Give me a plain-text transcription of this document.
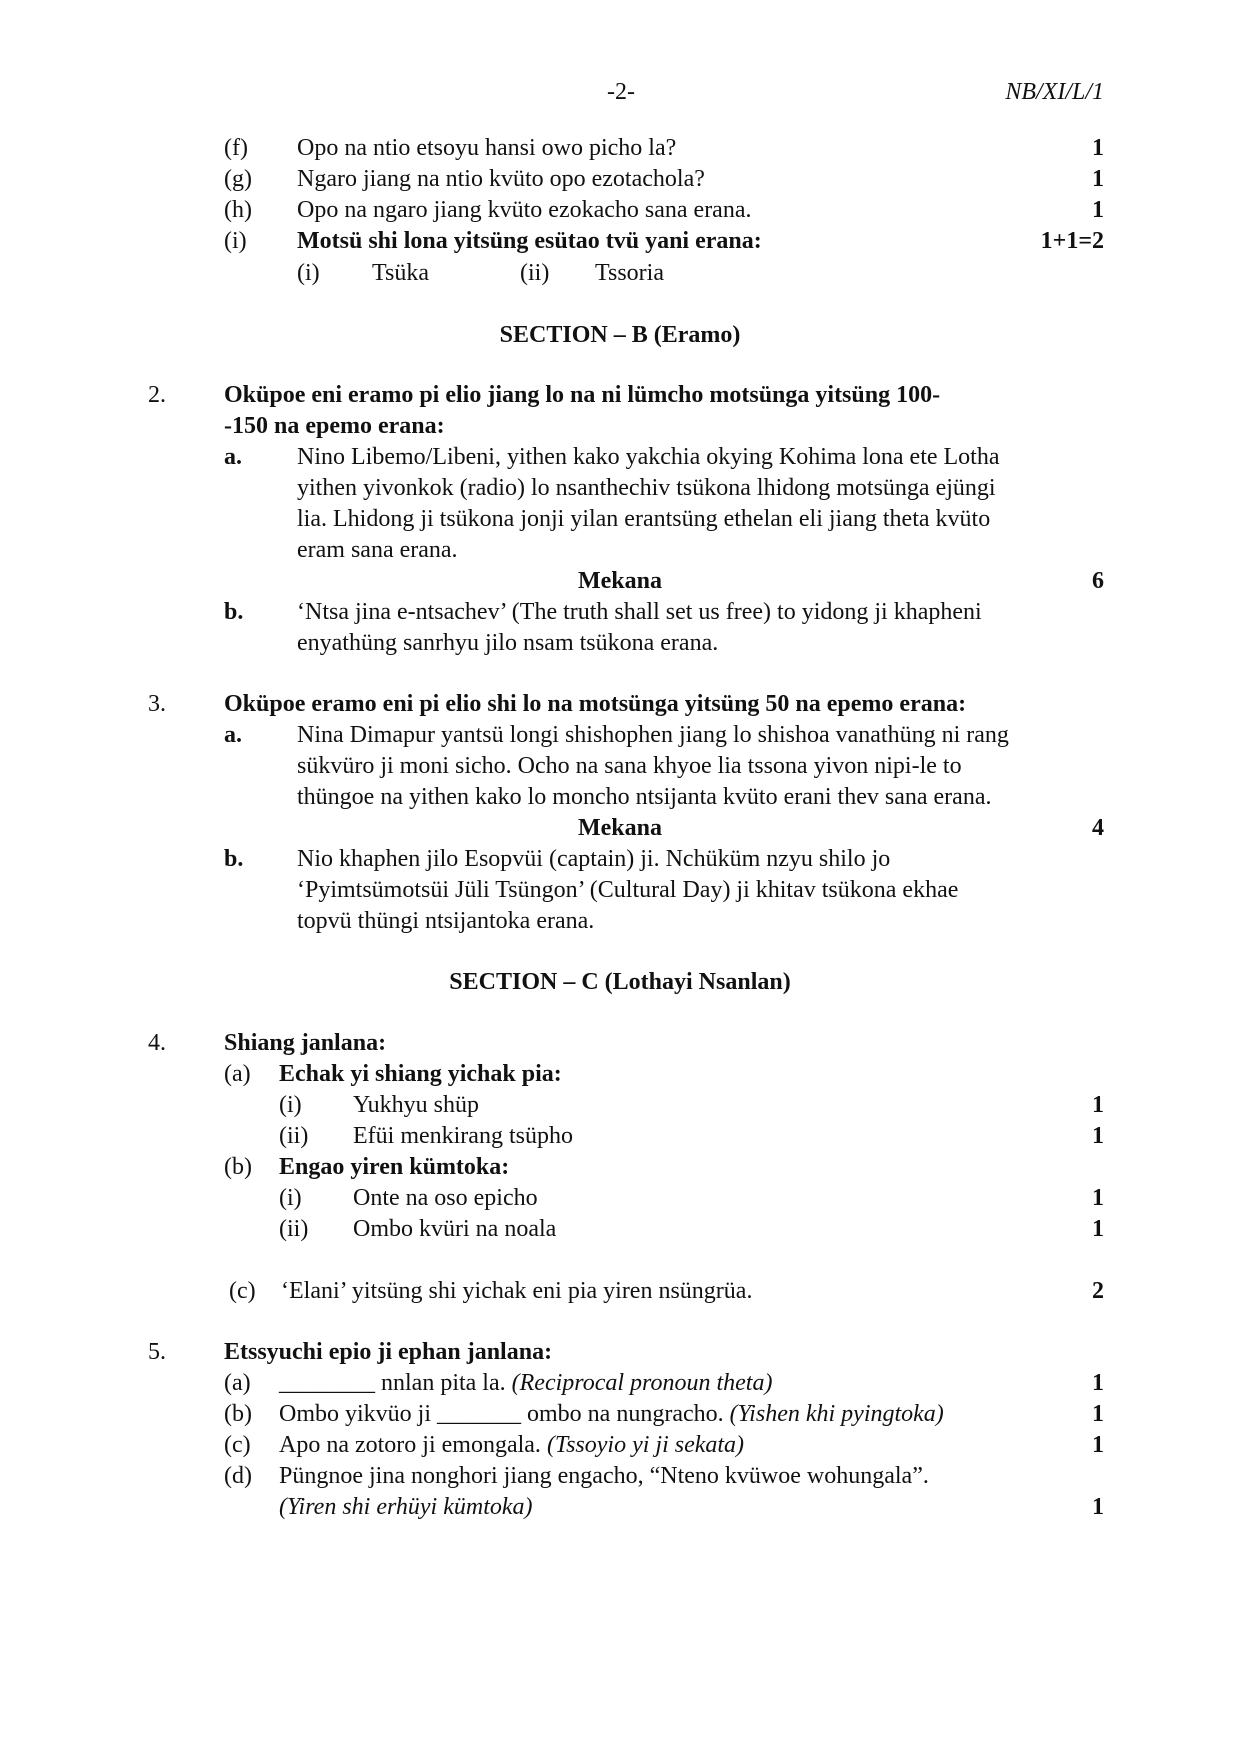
-2-	NB/XI/L/1
(f) Opo na ntio etsoyu hansi owo picho la?	1
(g) Ngaro jiang na ntio kvüto opo ezotachola?	1
(h) Opo na ngaro jiang kvüto ezokacho sana erana.	1
(i) Motsü shi lona yitsüng esütao tvü yani erana:	1+1=2
(i) Tsüka	(ii) Tssoria
SECTION – B (Eramo)
2. Oküpoe eni eramo pi elio jiang lo na ni lümcho motsünga yitsüng 100-
-150 na epemo erana:
a. Nino Libemo/Libeni, yithen kako yakchia okying Kohima lona ete Lotha
yithen yivonkok (radio) lo nsanthechiv tsükona lhidong motsünga ejüngi
lia. Lhidong ji tsükona jonji yilan erantsüng ethelan eli jiang theta kvüto
eram sana erana.
Mekana	6
b. ‘Ntsa jina e-ntsachev’ (The truth shall set us free) to yidong ji khapheni
enyathüng sanrhyu jilo nsam tsükona erana.
3. Oküpoe eramo eni pi elio shi lo na motsünga yitsüng 50 na epemo erana:
a. Nina Dimapur yantsü longi shishophen jiang lo shishoa vanathüng ni rang
sükvüro ji moni sicho. Ocho na sana khyoe lia tssona yivon nipi-le to
thüngoe na yithen kako lo moncho ntsijanta kvüto erani thev sana erana.
Mekana	4
b. Nio khaphen jilo Esopvüi (captain) ji. Nchüküm nzyu shilo jo
‘Pyimtsümotsüi Jüli Tsüngon’ (Cultural Day) ji khitav tsükona ekhae
topvü thüngi ntsijantoka erana.
SECTION – C (Lothayi Nsanlan)
4. Shiang janlana:
(a) Echak yi shiang yichak pia:
(i) Yukhyu shüp	1
(ii) Efüi menkirang tsüpho	1
(b) Engao yiren kümtoka:
(i) Onte na oso epicho	1
(ii) Ombo kvüri na noala	1
(c) ‘Elani’ yitsüng shi yichak eni pia yiren nsüngrüa.	2
5. Etssyuchi epio ji ephan janlana:
(a) ________ nnlan pita la. (Reciprocal pronoun theta)	1
(b) Ombo yikvüo ji _______ ombo na nungracho. (Yishen khi pyingtoka)	1
(c) Apo na zotoro ji emongala. (Tssoyio yi ji sekata)	1
(d) Püngnoe jina nonghori jiang engacho, “Nteno kvüwoe wohungala”.
(Yiren shi erhüyi kümtoka)	1
